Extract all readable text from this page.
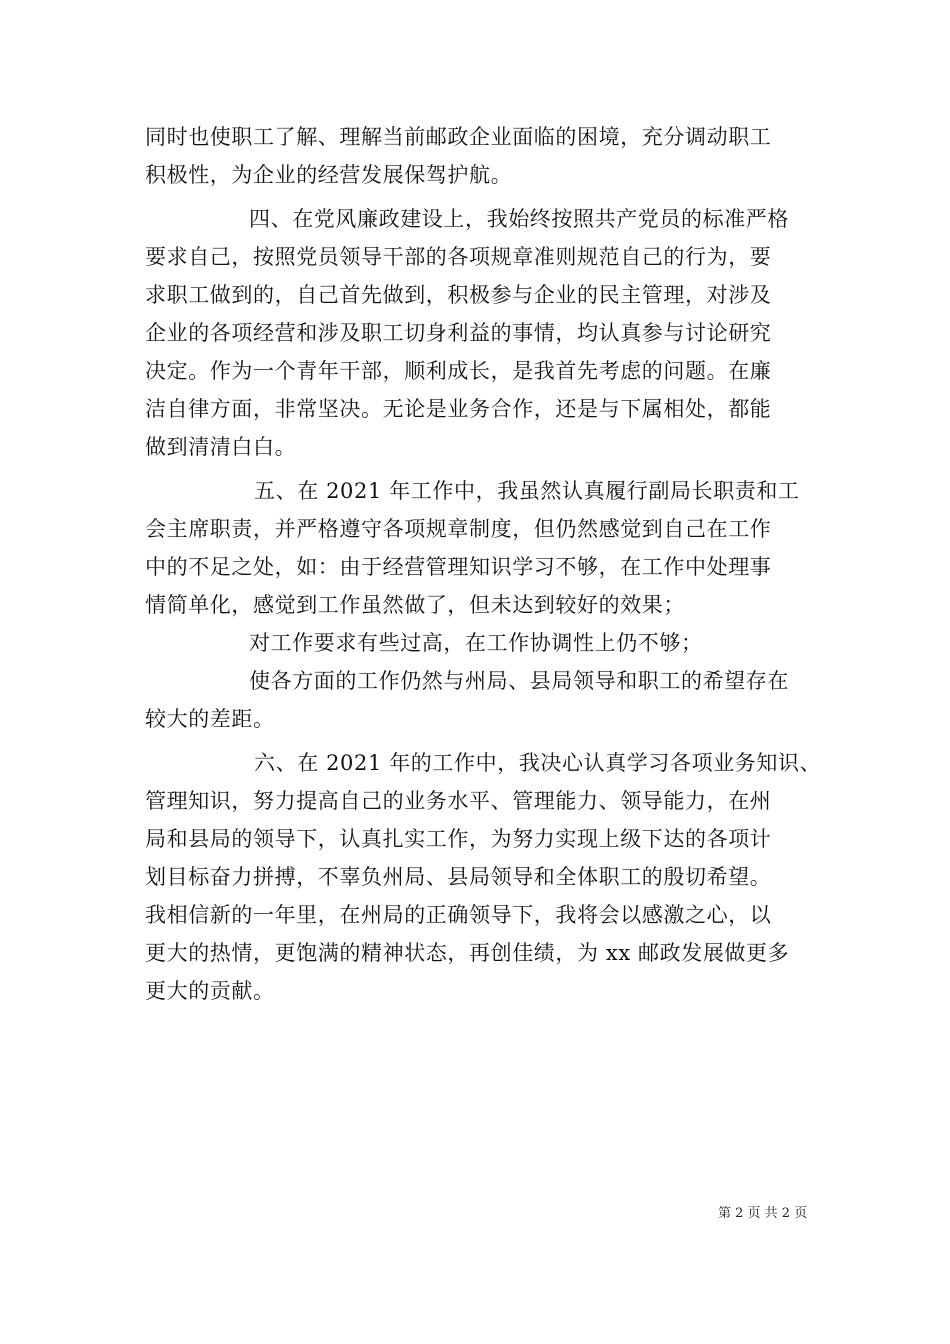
同时也使职工了解、理解当前邮政企业面临的困境，充分调动职工
积极性，为企业的经营发展保驾护航。
四、在党风廉政建设上，我始终按照共产党员的标准严格
要求自己，按照党员领导干部的各项规章准则规范自己的行为，要
求职工做到的，自己首先做到，积极参与企业的民主管理，对涉及
企业的各项经营和涉及职工切身利益的事情，均认真参与讨论研究
决定。作为一个青年干部，顺利成长，是我首先考虑的问题。在廉
洁自律方面，非常坚决。无论是业务合作，还是与下属相处，都能
做到清清白白。
五、在 2021 年工作中，我虽然认真履行副局长职责和工
会主席职责，并严格遵守各项规章制度，但仍然感觉到自己在工作
中的不足之处，如：由于经营管理知识学习不够，在工作中处理事
情简单化，感觉到工作虽然做了，但未达到较好的效果；
对工作要求有些过高，在工作协调性上仍不够；
使各方面的工作仍然与州局、县局领导和职工的希望存在
较大的差距。
六、在 2021 年的工作中，我决心认真学习各项业务知识、
管理知识，努力提高自己的业务水平、管理能力、领导能力，在州
局和县局的领导下，认真扎实工作，为努力实现上级下达的各项计
划目标奋力拼搏，不辜负州局、县局领导和全体职工的殷切希望。
我相信新的一年里，在州局的正确领导下，我将会以感激之心，以
更大的热情，更饱满的精神状态，再创佳绩，为 xx 邮政发展做更多
更大的贡献。
第 2 页 共 2 页
